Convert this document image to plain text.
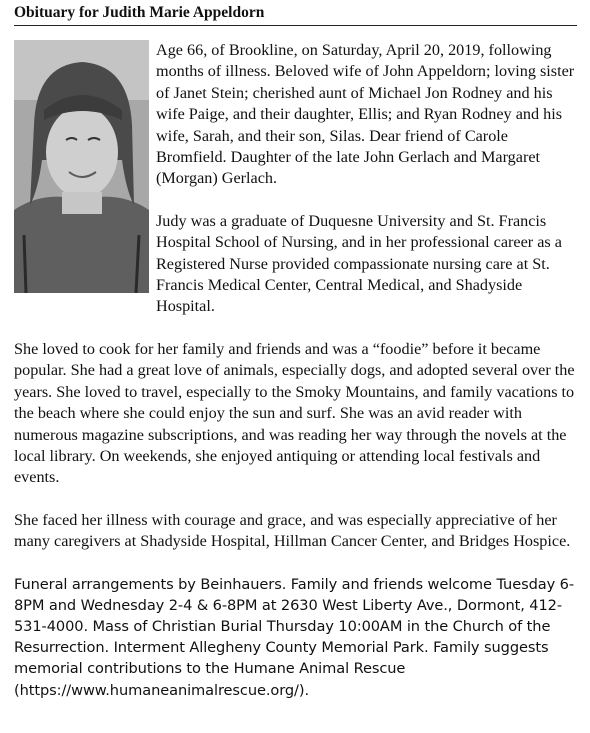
Obituary for Judith Marie Appeldorn

Age 66, of Brookline, on Saturday, April 20, 2019, following months of illness. Beloved wife of John Appeldorn; loving sister of Janet Stein; cherished aunt of Michael Jon Rodney and his wife Paige, and their daughter, Ellis; and Ryan Rodney and his wife, Sarah, and their son, Silas. Dear friend of Carole Bromfield. Daughter of the late John Gerlach and Margaret (Morgan) Gerlach.

Judy was a graduate of Duquesne University and St. Francis Hospital School of Nursing, and in her professional career as a Registered Nurse provided compassionate nursing care at St. Francis Medical Center, Central Medical, and Shadyside Hospital.

She loved to cook for her family and friends and was a “foodie” before it became popular. She had a great love of animals, especially dogs, and adopted several over the years. She loved to travel, especially to the Smoky Mountains, and family vacations to the beach where she could enjoy the sun and surf. She was an avid reader with numerous magazine subscriptions, and was reading her way through the novels at the local library. On weekends, she enjoyed antiquing or attending local festivals and events.

She faced her illness with courage and grace, and was especially appreciative of her many caregivers at Shadyside Hospital, Hillman Cancer Center, and Bridges Hospice.

Funeral arrangements by Beinhauers. Family and friends welcome Tuesday 6-8PM and Wednesday 2-4 & 6-8PM at 2630 West Liberty Ave., Dormont, 412-531-4000. Mass of Christian Burial Thursday 10:00AM in the Church of the Resurrection. Interment Allegheny County Memorial Park. Family suggests memorial contributions to the Humane Animal Rescue (https://www.humaneanimalrescue.org/).
